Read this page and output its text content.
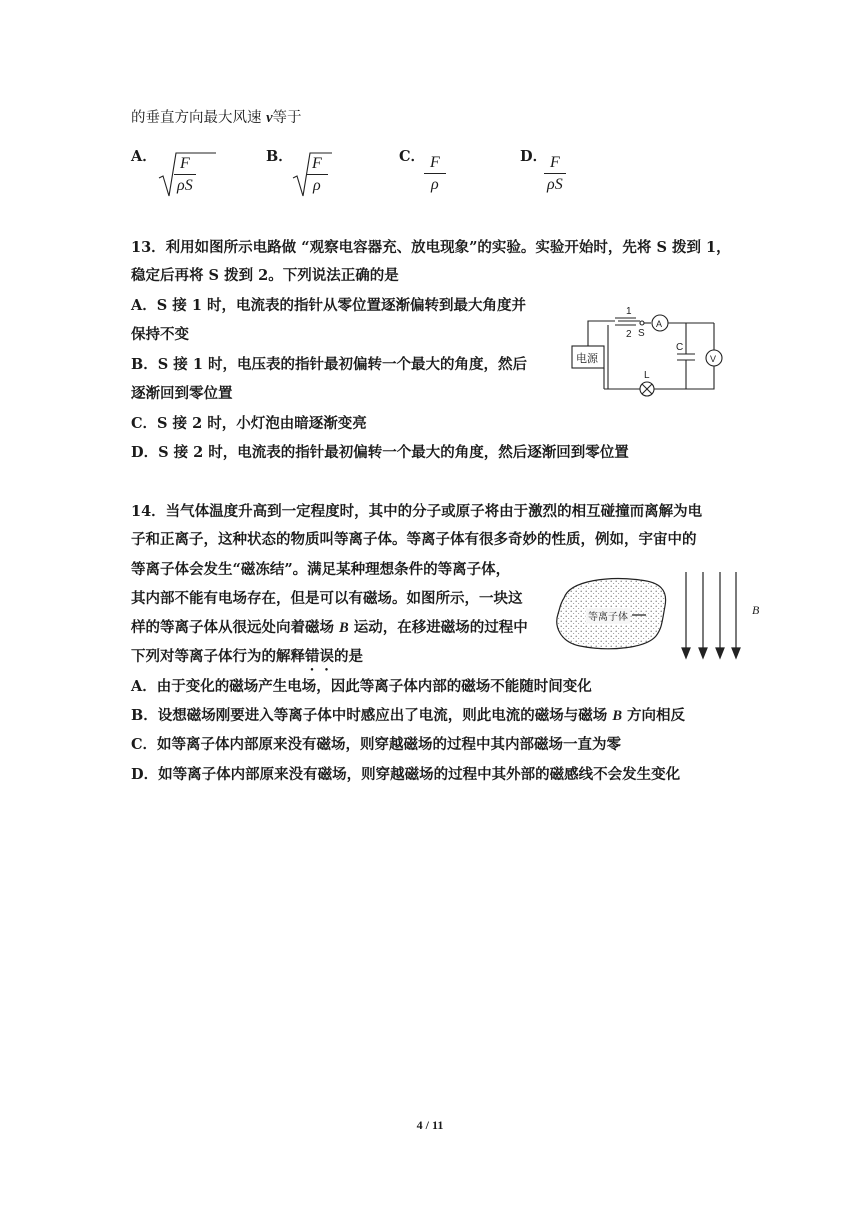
的垂直方向最大风速 v等于
A． $\frac{F}{\rho S}$	B． $\frac{F}{\rho}$	C．
$\frac{F}{\rho}$	D．
$\frac{F}{\rho S}$
13．利用如图所示电路做 “观察电容器充、放电现象”的实验。实验开始时，先将 S 拨到 1，
稳定后再将 S 拨到 2。下列说法正确的是
A．S 接 1 时，电流表的指针从零位置逐渐偏转到最大角度并
保持不变
B．S 接 1 时，电压表的指针最初偏转一个最大的角度，然后
逐渐回到零位置
C．S 接 2 时，小灯泡由暗逐渐变亮
D．S 接 2 时，电流表的指针最初偏转一个最大的角度，然后逐渐回到零位置
电源
1
2 S
A
V
C
L
14．当气体温度升高到一定程度时，其中的分子或原子将由于激烈的相互碰撞而离解为电
子和正离子，这种状态的物质叫等离子体。等离子体有很多奇妙的性质，例如，宇宙中的
等离子体会发生“磁冻结”。满足某种理想条件的等离子体，
其内部不能有电场存在，但是可以有磁场。如图所示，一块这
样的等离子体从很远处向着磁场 B 运动，在移进磁场的过程中
下列对等离子体行为的解释错误的是
A．由于变化的磁场产生电场，因此等离子体内部的磁场不能随时间变化
B．设想磁场刚要进入等离子体中时感应出了电流，则此电流的磁场与磁场 B 方向相反
C．如等离子体内部原来没有磁场，则穿越磁场的过程中其内部磁场一直为零
D．如等离子体内部原来没有磁场，则穿越磁场的过程中其外部的磁感线不会发生变化
等离子体
B
4 / 11
